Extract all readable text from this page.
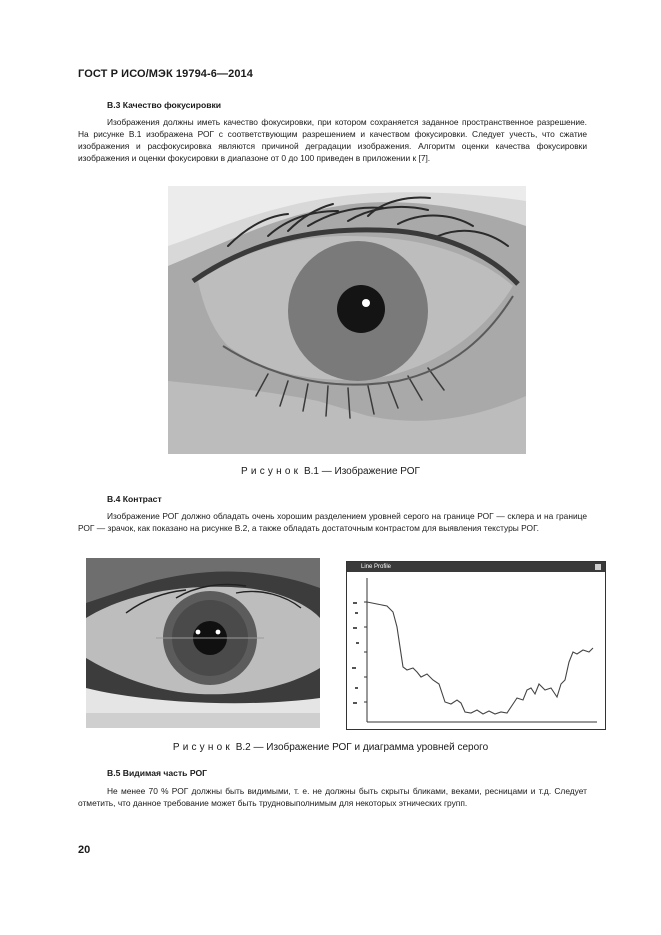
ГОСТ Р ИСО/МЭК 19794-6—2014
В.3 Качество фокусировки
Изображения должны иметь качество фокусировки, при котором сохраняется заданное пространственное разрешение. На рисунке В.1 изображена РОГ с соответствующим разрешением и качеством фокусировки. Следует учесть, что сжатие изображения и расфокусировка являются причиной деградации изображения. Алгоритм оценки качества фокусировки изображения и оценки фокусировки в диапазоне от 0 до 100 приведен в приложении к [7].
Рисунок В.1 — Изображение РОГ
В.4 Контраст
Изображение РОГ должно обладать очень хорошим разделением уровней серого на границе РОГ — склера и на границе РОГ — зрачок, как показано на рисунке В.2, а также обладать достаточным контрастом для выявления текстуры РОГ.
Line Profile
Рисунок В.2 — Изображение РОГ и диаграмма уровней серого
В.5 Видимая часть РОГ
Не менее 70 % РОГ должны быть видимыми, т. е. не должны быть скрыты бликами, веками, ресницами и т.д. Следует отметить, что данное требование может быть трудновыполнимым для некоторых этнических групп.
20
